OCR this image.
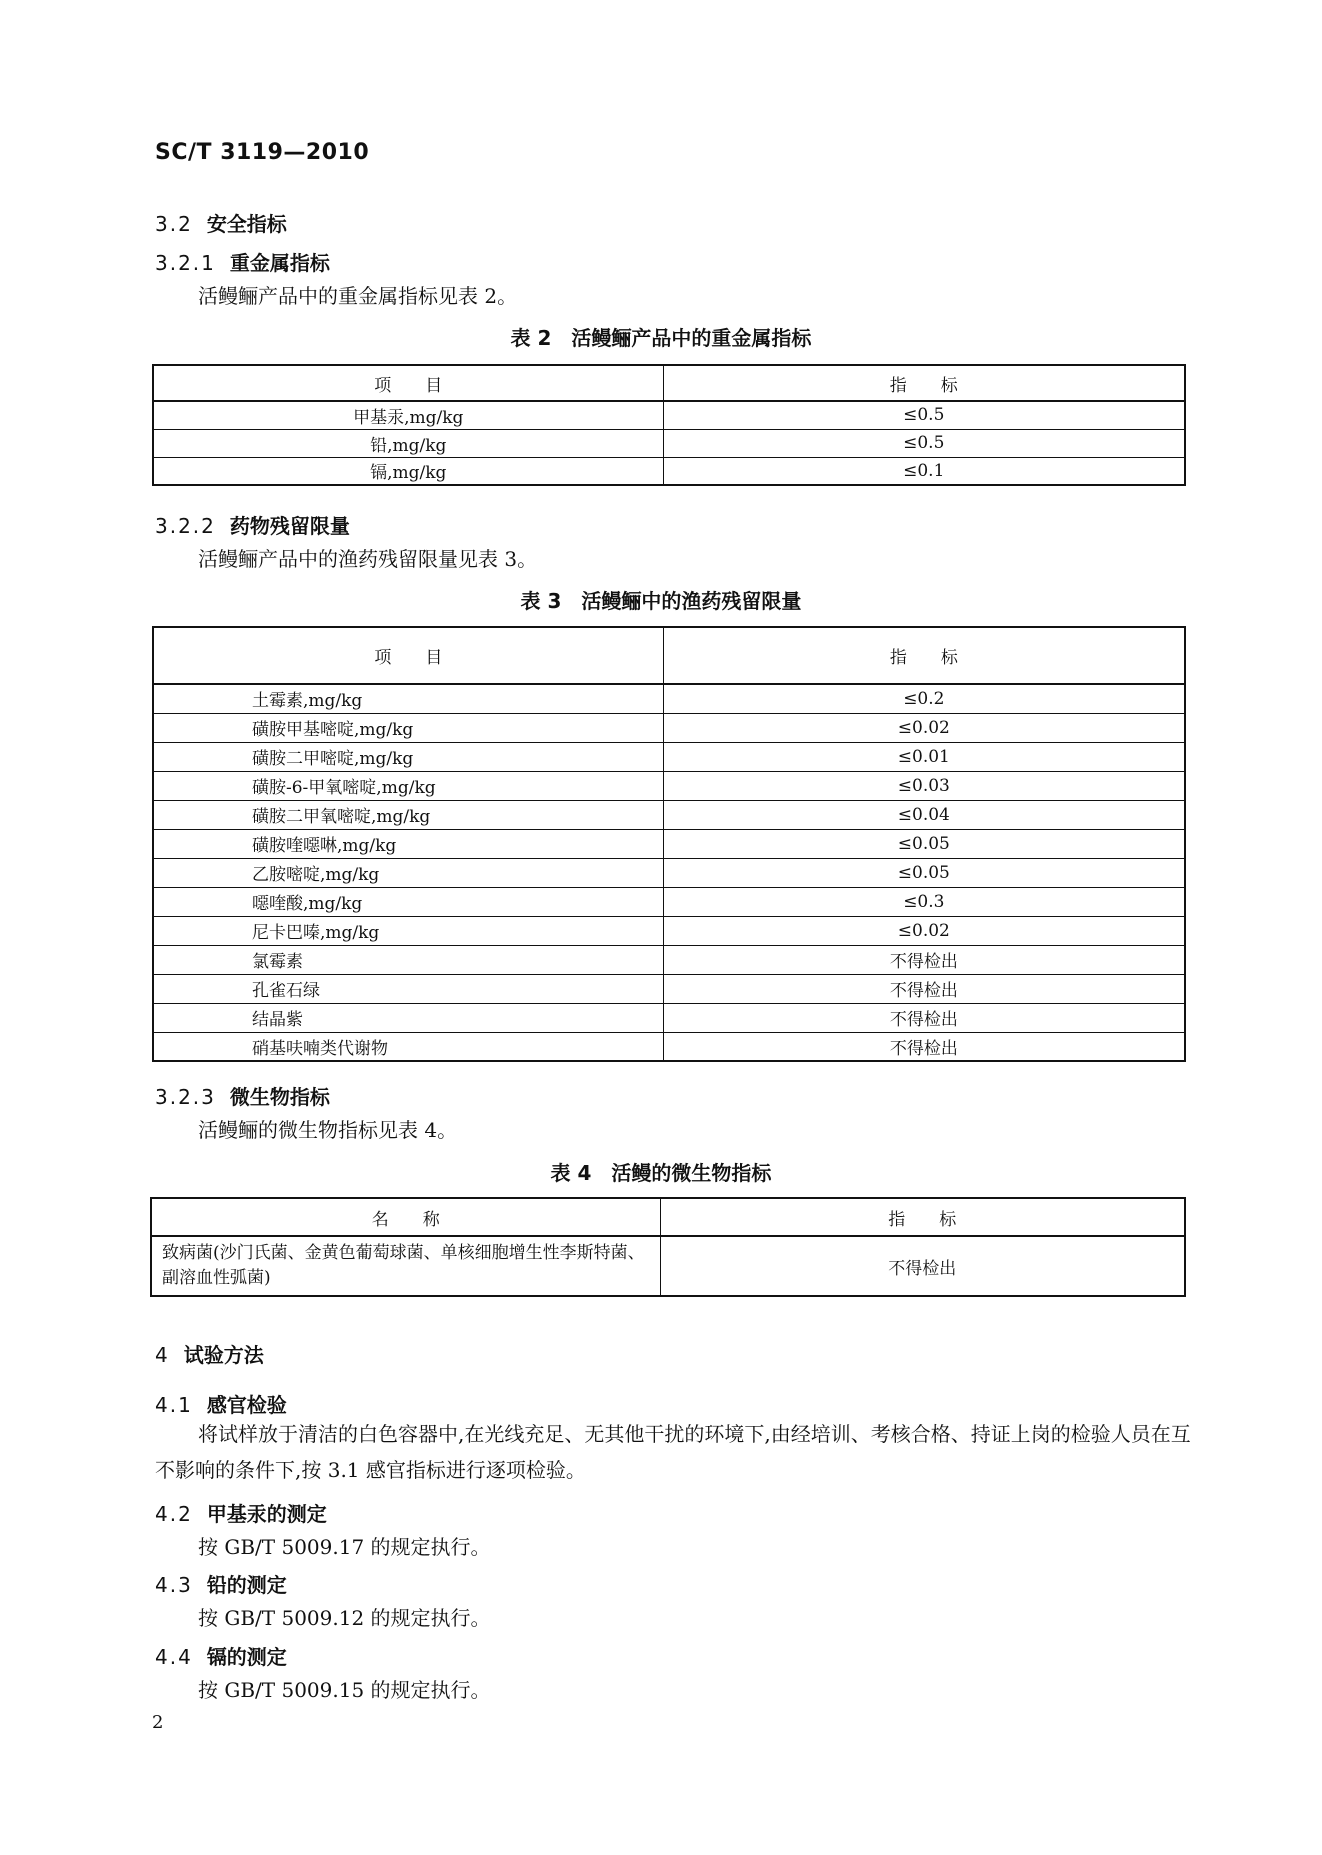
SC/T 3119—2010
3.2 安全指标
3.2.1 重金属指标
活鳗鲡产品中的重金属指标见表 2。
表 2　活鳗鲡产品中的重金属指标
项　　目	指　　标
甲基汞,mg/kg	≤0.5
铅,mg/kg	≤0.5
镉,mg/kg	≤0.1
3.2.2 药物残留限量
活鳗鲡产品中的渔药残留限量见表 3。
表 3　活鳗鲡中的渔药残留限量
项　　目	指　　标
土霉素,mg/kg	≤0.2
磺胺甲基嘧啶,mg/kg	≤0.02
磺胺二甲嘧啶,mg/kg	≤0.01
磺胺-6-甲氧嘧啶,mg/kg	≤0.03
磺胺二甲氧嘧啶,mg/kg	≤0.04
磺胺喹噁啉,mg/kg	≤0.05
乙胺嘧啶,mg/kg	≤0.05
噁喹酸,mg/kg	≤0.3
尼卡巴嗪,mg/kg	≤0.02
氯霉素	不得检出
孔雀石绿	不得检出
结晶紫	不得检出
硝基呋喃类代谢物	不得检出
3.2.3 微生物指标
活鳗鲡的微生物指标见表 4。
表 4　活鳗的微生物指标
名　　称	指　　标
致病菌(沙门氏菌、金黄色葡萄球菌、单核细胞增生性李斯特菌、副溶血性弧菌)	不得检出
4 试验方法
4.1 感官检验
将试样放于清洁的白色容器中,在光线充足、无其他干扰的环境下,由经培训、考核合格、持证上岗的检验人员在互不影响的条件下,按 3.1 感官指标进行逐项检验。
4.2 甲基汞的测定
按 GB/T 5009.17 的规定执行。
4.3 铅的测定
按 GB/T 5009.12 的规定执行。
4.4 镉的测定
按 GB/T 5009.15 的规定执行。
2
